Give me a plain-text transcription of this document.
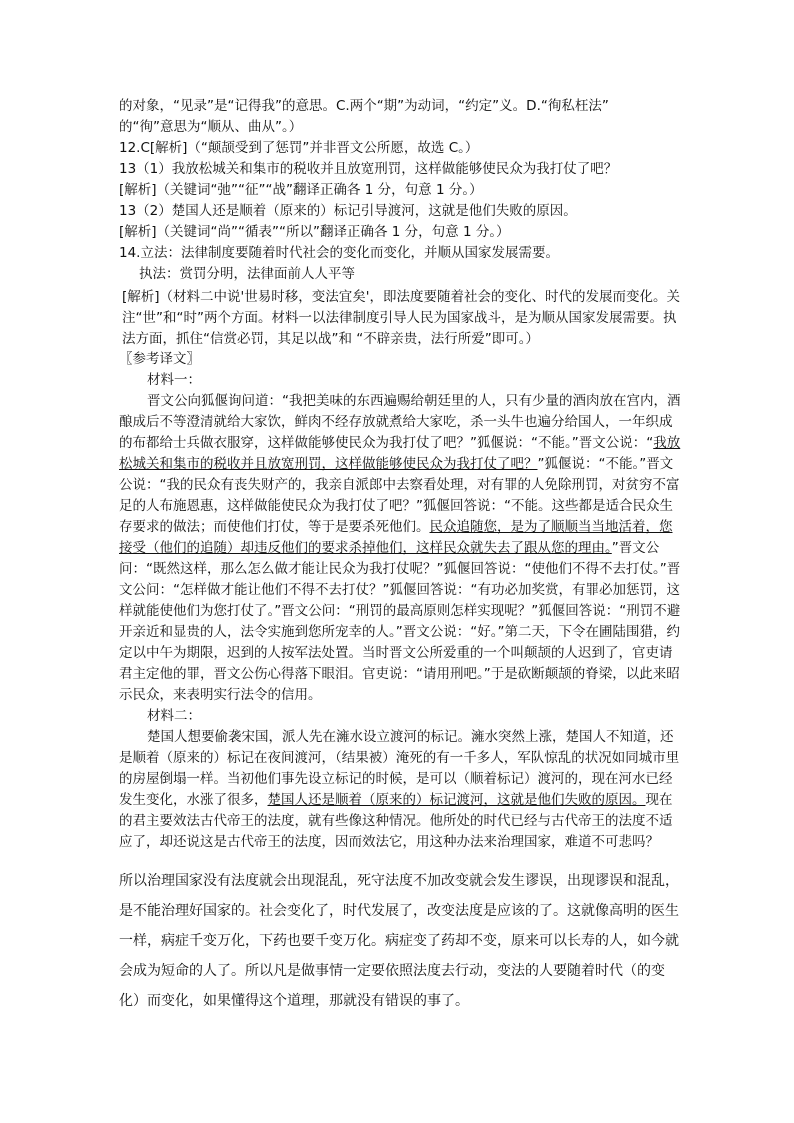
的对象，“见录”是“记得我”的意思。C.两个“期”为动词，“约定”义。D.“徇私枉法”
的“徇”意思为“顺从、曲从”。）

12.C[解析]（“颠颉受到了惩罚”并非晋文公所愿，故选 C。）

13（1）我放松城关和集市的税收并且放宽刑罚，这样做能够使民众为我打仗了吧？

[解析]（关键词“弛”“征”“战”翻译正确各 1 分，句意 1 分。）

13（2）楚国人还是顺着（原来的）标记引导渡河，这就是他们失败的原因。

[解析]（关键词“尚”“循表”“所以”翻译正确各 1 分，句意 1 分。）

14.立法：法律制度要随着时代社会的变化而变化，并顺从国家发展需要。

执法：赏罚分明，法律面前人人平等

[解析]（材料二中说'世易时移，变法宜矣'，即法度要随着社会的变化、时代的发展而变化。关注“世”和“时”两个方面。材料一以法律制度引导人民为国家战斗，是为顺从国家发展需要。执法方面，抓住“信赏必罚，其足以战”和 “不辟亲贵，法行所爱”即可。）

〖参考译文〗

材料一：

晋文公向狐偃询问道：“我把美味的东西遍赐给朝廷里的人，只有少量的酒肉放在宫内，酒酿成后不等澄清就给大家饮，鲜肉不经存放就煮给大家吃，杀一头牛也遍分给国人，一年织成的布都给士兵做衣服穿，这样做能够使民众为我打仗了吧？”狐偃说：“不能。”晋文公说：“我放松城关和集市的税收并且放宽刑罚，这样做能够使民众为我打仗了吧？”狐偃说：“不能。”晋文公说：“我的民众有丧失财产的，我亲自派郎中去察看处理，对有罪的人免除刑罚，对贫穷不富足的人布施恩惠，这样做能使民众为我打仗了吧？”狐偃回答说：“不能。这些都是适合民众生存要求的做法；而使他们打仗，等于是要杀死他们。民众追随您，是为了顺顺当当地活着，您接受（他们的追随）却违反他们的要求杀掉他们，这样民众就失去了跟从您的理由。”晋文公问：“既然这样，那么怎么做才能让民众为我打仗呢？”狐偃回答说：“使他们不得不去打仗。”晋文公问：“怎样做才能让他们不得不去打仗？”狐偃回答说：“有功必加奖赏，有罪必加惩罚，这样就能使他们为您打仗了。”晋文公问：“刑罚的最高原则怎样实现呢？”狐偃回答说：“刑罚不避开亲近和显贵的人，法令实施到您所宠幸的人。”晋文公说：“好。”第二天，下令在圃陆围猎，约定以中午为期限，迟到的人按军法处置。当时晋文公所爱重的一个叫颠颉的人迟到了，官吏请君主定他的罪，晋文公伤心得落下眼泪。官吏说：“请用刑吧。”于是砍断颠颉的脊梁，以此来昭示民众，来表明实行法令的信用。

材料二：

楚国人想要偷袭宋国，派人先在澭水设立渡河的标记。澭水突然上涨，楚国人不知道，还是顺着（原来的）标记在夜间渡河，（结果被）淹死的有一千多人，军队惊乱的状况如同城市里的房屋倒塌一样。当初他们事先设立标记的时候，是可以（顺着标记）渡河的，现在河水已经发生变化，水涨了很多，楚国人还是顺着（原来的）标记渡河，这就是他们失败的原因。现在的君主要效法古代帝王的法度，就有些像这种情况。他所处的时代已经与古代帝王的法度不适应了，却还说这是古代帝王的法度，因而效法它，用这种办法来治理国家，难道不可悲吗？

所以治理国家没有法度就会出现混乱，死守法度不加改变就会发生谬误，出现谬误和混乱，是不能治理好国家的。社会变化了，时代发展了，改变法度是应该的了。这就像高明的医生一样，病症千变万化，下药也要千变万化。病症变了药却不变，原来可以长寿的人，如今就会成为短命的人了。所以凡是做事情一定要依照法度去行动，变法的人要随着时代（的变化）而变化，如果懂得这个道理，那就没有错误的事了。
